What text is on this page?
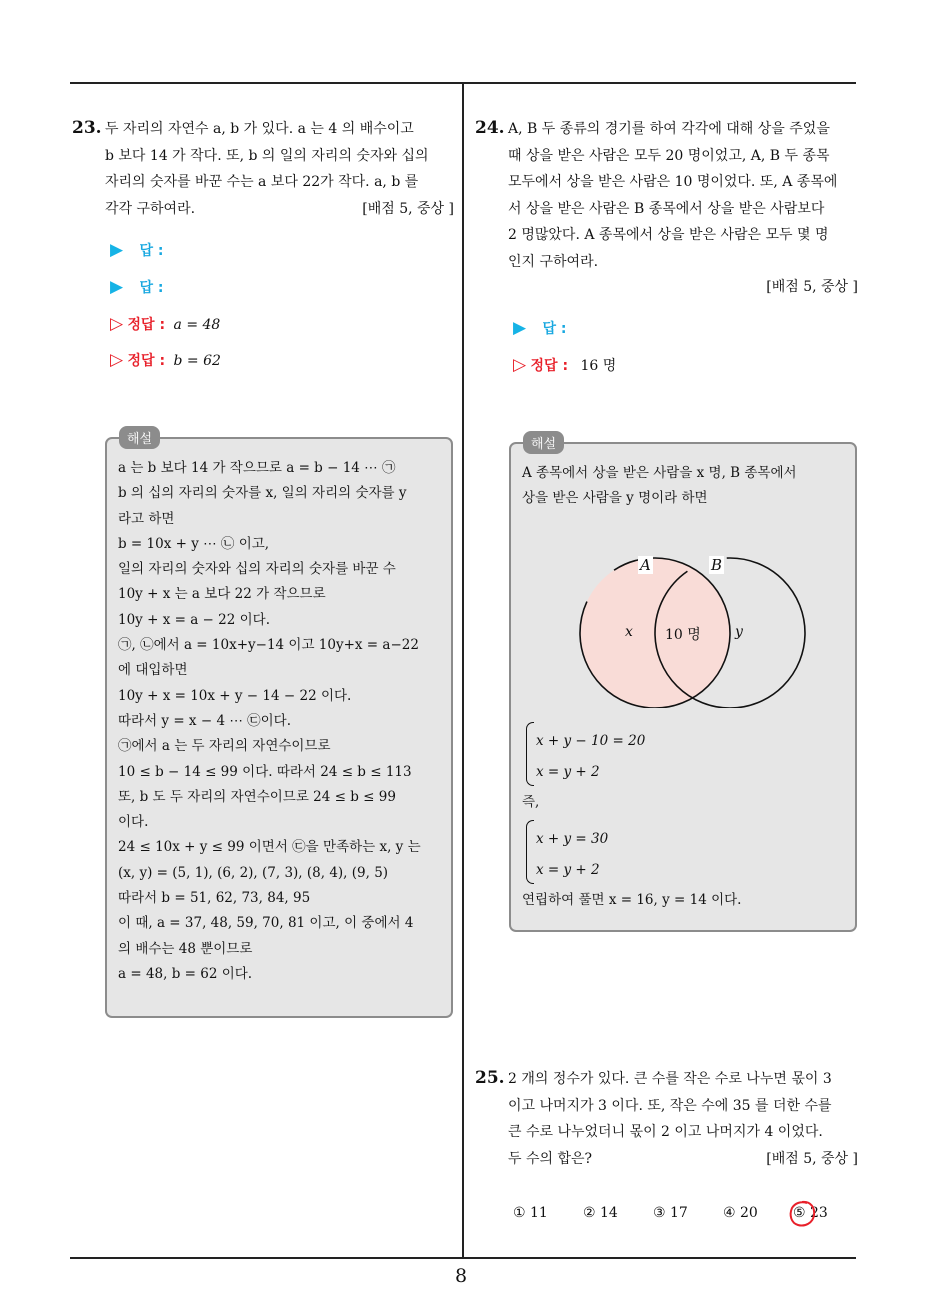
23. 두 자리의 자연수 a, b 가 있다. a 는 4 의 배수이고
b 보다 14 가 작다. 또, b 의 일의 자리의 숫자와 십의
자리의 숫자를 바꾼 수는 a 보다 22가 작다. a, b 를
각각 구하여라.	[배점 5, 중상 ]
▶ 답 :
▶ 답 :
▷ 정답 : a = 48
▷ 정답 : b = 62
해설
a 는 b 보다 14 가 작으므로 a = b − 14 ⋯ ㉠
b 의 십의 자리의 숫자를 x, 일의 자리의 숫자를 y
라고 하면
b = 10x + y ⋯ ㉡ 이고,
일의 자리의 숫자와 십의 자리의 숫자를 바꾼 수
10y + x 는 a 보다 22 가 작으므로
10y + x = a − 22 이다.
㉠, ㉡에서 a = 10x+y−14 이고 10y+x = a−22
에 대입하면
10y + x = 10x + y − 14 − 22 이다.
따라서 y = x − 4 ⋯ ㉢이다.
㉠에서 a 는 두 자리의 자연수이므로
10 ≤ b − 14 ≤ 99 이다. 따라서 24 ≤ b ≤ 113
또, b 도 두 자리의 자연수이므로 24 ≤ b ≤ 99
이다.
24 ≤ 10x + y ≤ 99 이면서 ㉢을 만족하는 x, y 는
(x, y) = (5, 1), (6, 2), (7, 3), (8, 4), (9, 5)
따라서 b = 51, 62, 73, 84, 95
이 때, a = 37, 48, 59, 70, 81 이고, 이 중에서 4
의 배수는 48 뿐이므로
a = 48, b = 62 이다.
24. A, B 두 종류의 경기를 하여 각각에 대해 상을 주었을
때 상을 받은 사람은 모두 20 명이었고, A, B 두 종목
모두에서 상을 받은 사람은 10 명이었다. 또, A 종목에
서 상을 받은 사람은 B 종목에서 상을 받은 사람보다
2 명많았다. A 종목에서 상을 받은 사람은 모두 몇 명
인지 구하여라.
[배점 5, 중상 ]
▶ 답 :
▷ 정답 : 16 명
해설
A 종목에서 상을 받은 사람을 x 명, B 종목에서
상을 받은 사람을 y 명이라 하면
A	B
x 10 명 y
x + y − 10 = 20
x = y + 2
즉,
x + y = 30
x = y + 2
연립하여 풀면 x = 16, y = 14 이다.
25. 2 개의 정수가 있다. 큰 수를 작은 수로 나누면 몫이 3
이고 나머지가 3 이다. 또, 작은 수에 35 를 더한 수를
큰 수로 나누었더니 몫이 2 이고 나머지가 4 이었다.
두 수의 합은?	[배점 5, 중상 ]
① 11	② 14	③ 17	④ 20	⑤ 23
8
